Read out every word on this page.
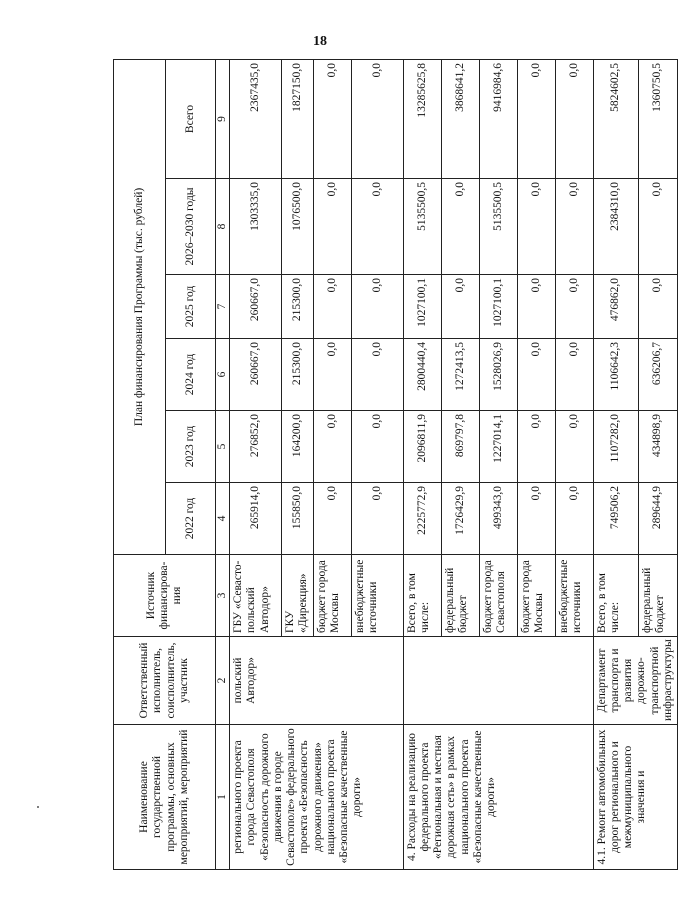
18
Наименование государственной программы, основных мероприятий, мероприятий	Ответственный исполнитель, соисполнитель, участник	Источник финансирова-ния	План финансирования Программы (тыс. рублей)					
			2022 год	2023 год	2024 год	2025 год	2026–2030 годы	Всего
1	2	3	4	5	6	7	8	9
регионального проекта города Севастополя «Безопасность дорожного движения в городе Севастополе» федерального проекта «Безопасность дорожного движения» национального проекта «Безопасные качественные дороги»	польский Автодор»	ГБУ «Севасто-польский Автодор»	265914,0	276852,0	260667,0	260667,0	1303335,0	2367435,0
		ГКУ «Дирекция»	155850,0	164200,0	215300,0	215300,0	1076500,0	1827150,0
		бюджет города Москвы	0,0	0,0	0,0	0,0	0,0	0,0
		внебюджетные источники	0,0	0,0	0,0	0,0	0,0	0,0
4. Расходы на реализацию федерального проекта «Региональная и местная дорожная сеть» в рамках национального проекта «Безопасные качественные дороги»		Всего, в том числе:	2225772,9	2096811,9	2800440,4	1027100,1	5135500,5	13285625,8
		федеральный бюджет	1726429,9	869797,8	1272413,5	0,0	0,0	3868641,2
		бюджет города Севастополя	499343,0	1227014,1	1528026,9	1027100,1	5135500,5	9416984,6
		бюджет города Москвы	0,0	0,0	0,0	0,0	0,0	0,0
		внебюджетные источники	0,0	0,0	0,0	0,0	0,0	0,0
4.1. Ремонт автомобильных дорог регионального и межмуниципального значения и	Департамент транспорта и развития дорожно-транспортной инфраструктуры	Всего, в том числе:	749506,2	1107282,0	1106642,3	476862,0	2384310,0	5824602,5
		федеральный бюджет	289644,9	434898,9	636206,7	0,0	0,0	1360750,5
